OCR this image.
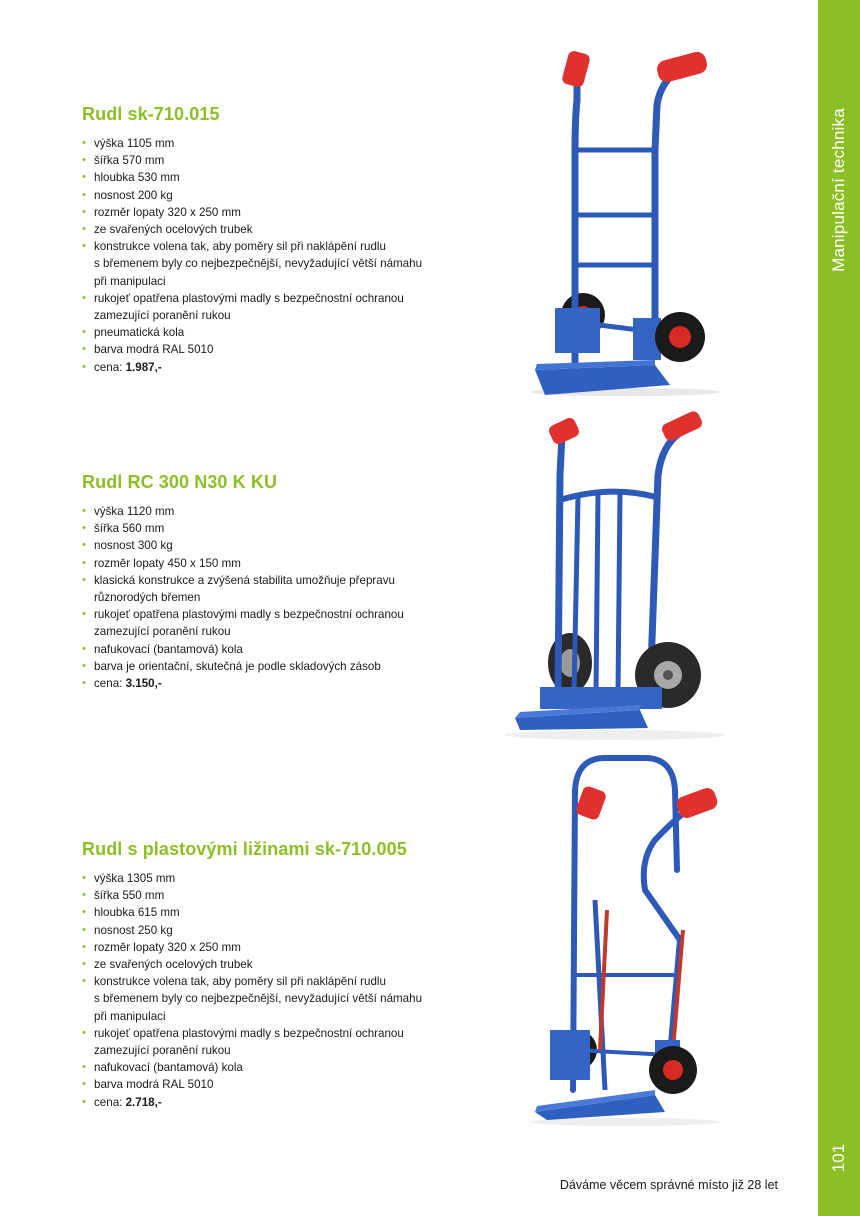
Manipulační technika
101
Rudl sk-710.015
• výška 1105 mm
• šířka 570 mm
• hloubka 530 mm
• nosnost 200 kg
• rozměr lopaty 320 x 250 mm
• ze svařených ocelových trubek
• konstrukce volena tak, aby poměry sil při naklápění rudlu
s břemenem byly co nejbezpečnější, nevyžadující větší námahu
při manipulaci
• rukojeť opatřena plastovými madly s bezpečnostní ochranou
zamezující poranění rukou
• pneumatická kola
• barva modrá RAL 5010
• cena: 1.987,-
Rudl RC 300 N30 K KU
• výška 1120 mm
• šířka 560 mm
• nosnost 300 kg
• rozměr lopaty 450 x 150 mm
• klasická konstrukce a zvýšená stabilita umožňuje přepravu
různorodých břemen
• rukojeť opatřena plastovými madly s bezpečnostní ochranou
zamezující poranění rukou
• nafukovací (bantamová) kola
• barva je orientační, skutečná je podle skladových zásob
• cena: 3.150,-
Rudl s plastovými ližinami sk-710.005
• výška 1305 mm
• šířka 550 mm
• hloubka 615 mm
• nosnost 250 kg
• rozměr lopaty 320 x 250 mm
• ze svařených ocelových trubek
• konstrukce volena tak, aby poměry sil při naklápění rudlu
s břemenem byly co nejbezpečnější, nevyžadující větší námahu
při manipulaci
• rukojeť opatřena plastovými madly s bezpečnostní ochranou
zamezující poranění rukou
• nafukovací (bantamová) kola
• barva modrá RAL 5010
• cena: 2.718,-
Dáváme věcem správné místo již 28 let
